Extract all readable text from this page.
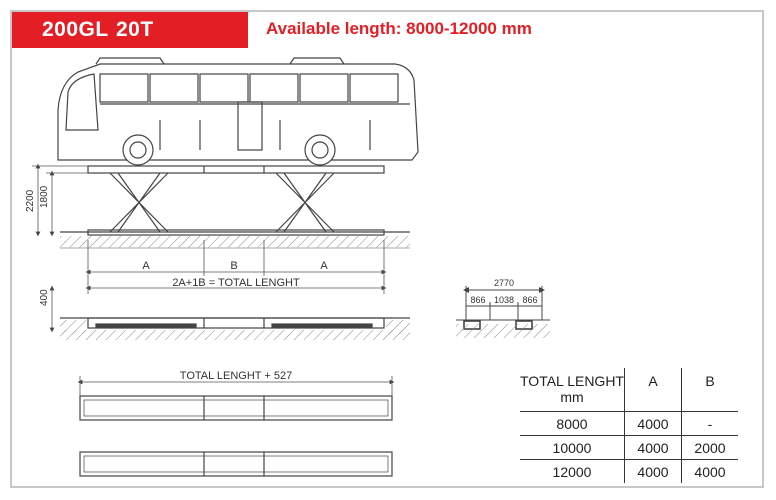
200GL 20T	Available length: 8000-12000 mm
2200 1800
A	B	A
2A+1B = TOTAL LENGHT
400
2770
866 1038 866
TOTAL LENGHT + 527	TOTAL LENGHT
mm	A	B
8000	4000	-
10000	4000	2000
12000	4000	4000
